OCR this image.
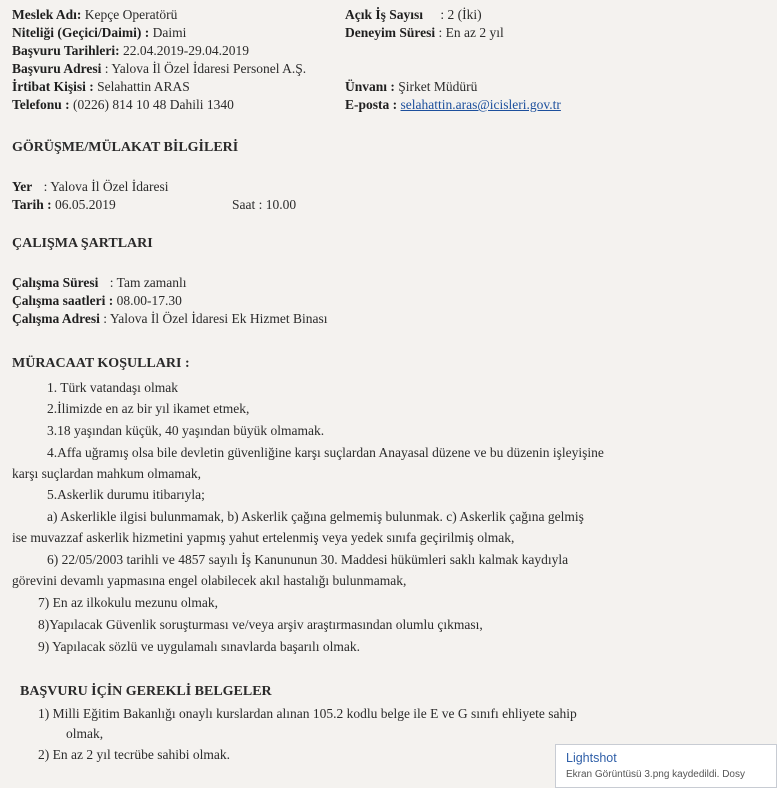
Meslek Adı: Kepçe Operatörü	Açık İş Sayısı : 2 (İki)
Niteliği (Geçici/Daimi) : Daimi	Deneyim Süresi : En az 2 yıl
Başvuru Tarihleri: 22.04.2019-29.04.2019
Başvuru Adresi : Yalova İl Özel İdaresi Personel A.Ş.
İrtibat Kişisi : Selahattin ARAS	Ünvanı : Şirket Müdürü
Telefonu : (0226) 814 10 48 Dahili 1340	E-posta : selahattin.aras@icisleri.gov.tr
GÖRÜŞME/MÜLAKAT BİLGİLERİ
Yer : Yalova İl Özel İdaresi
Tarih : 06.05.2019	Saat : 10.00
ÇALIŞMA ŞARTLARI
Çalışma Süresi : Tam zamanlı
Çalışma saatleri : 08.00-17.30
Çalışma Adresi : Yalova İl Özel İdaresi Ek Hizmet Binası
MÜRACAAT KOŞULLARI :
1. Türk vatandaşı olmak
2.İlimizde en az bir yıl ikamet etmek,
3.18 yaşından küçük, 40 yaşından büyük olmamak.
4.Affa uğramış olsa bile devletin güvenliğine karşı suçlardan Anayasal düzene ve bu düzenin işleyişine
karşı suçlardan mahkum olmamak,
5.Askerlik durumu itibarıyla;
a) Askerlikle ilgisi bulunmamak, b) Askerlik çağına gelmemiş bulunmak. c) Askerlik çağına gelmiş
ise muvazzaf askerlik hizmetini yapmış yahut ertelenmiş veya yedek sınıfa geçirilmiş olmak,
6) 22/05/2003 tarihli ve 4857 sayılı İş Kanununun 30. Maddesi hükümleri saklı kalmak kaydıyla
görevini devamlı yapmasına engel olabilecek akıl hastalığı bulunmamak,
7) En az ilkokulu mezunu olmak,
8)Yapılacak Güvenlik soruşturması ve/veya arşiv araştırmasından olumlu çıkması,
9) Yapılacak sözlü ve uygulamalı sınavlarda başarılı olmak.
BAŞVURU İÇİN GEREKLİ BELGELER
1) Milli Eğitim Bakanlığı onaylı kurslardan alınan 105.2 kodlu belge ile E ve G sınıfı ehliyete sahip
olmak,
2) En az 2 yıl tecrübe sahibi olmak.	Lightshot
Ekran Görüntüsü 3.png kaydedildi. Dosy
